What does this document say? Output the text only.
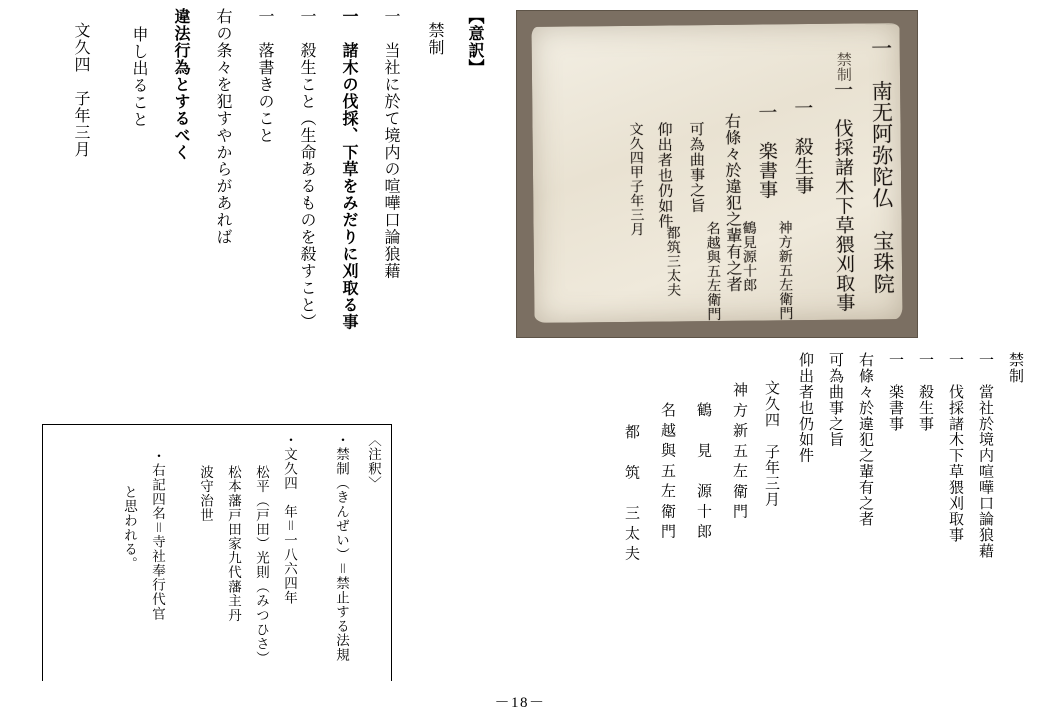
一　南无阿弥陀仏　宝珠院
一　伐採諸木下草猥刈取事
一　殺生事
一　楽書事
右條々於違犯之輩有之者
可為曲事之旨
仰出者也仍如件
文久四甲子年三月
神方新五左衛門
鶴見源十郎
名越與五左衛門
都筑三太夫
禁制
禁制
一　當社於境内喧嘩口論狼藉
一　伐採諸木下草猥刈取事
一　殺生事
一　楽書事
右條々於違犯之輩有之者
可為曲事之旨
仰出者也仍如件
文久四　子年三月
神方新五左衛門
鶴　見　源十郎
名越與五左衛門
都　筑　三太夫
【意訳】
禁制
一　当社に於て境内の喧嘩口論狼藉
一　諸木の伐採、下草をみだりに刈取る事
一　殺生こと（生命あるものを殺すこと）
一　落書きのこと
右の条々を犯すやからがあれば
違法行為とするべく
申し出ること
文久四　子年三月
〈注釈〉
・禁制（きんぜい）＝禁止する法規
・文久四　年＝一八六四年
松平（戸田）光則（みつひさ）
松本藩戸田家九代藩主丹
波守治世
・右記四名＝寺社奉行代官
と思われる。
－18－
